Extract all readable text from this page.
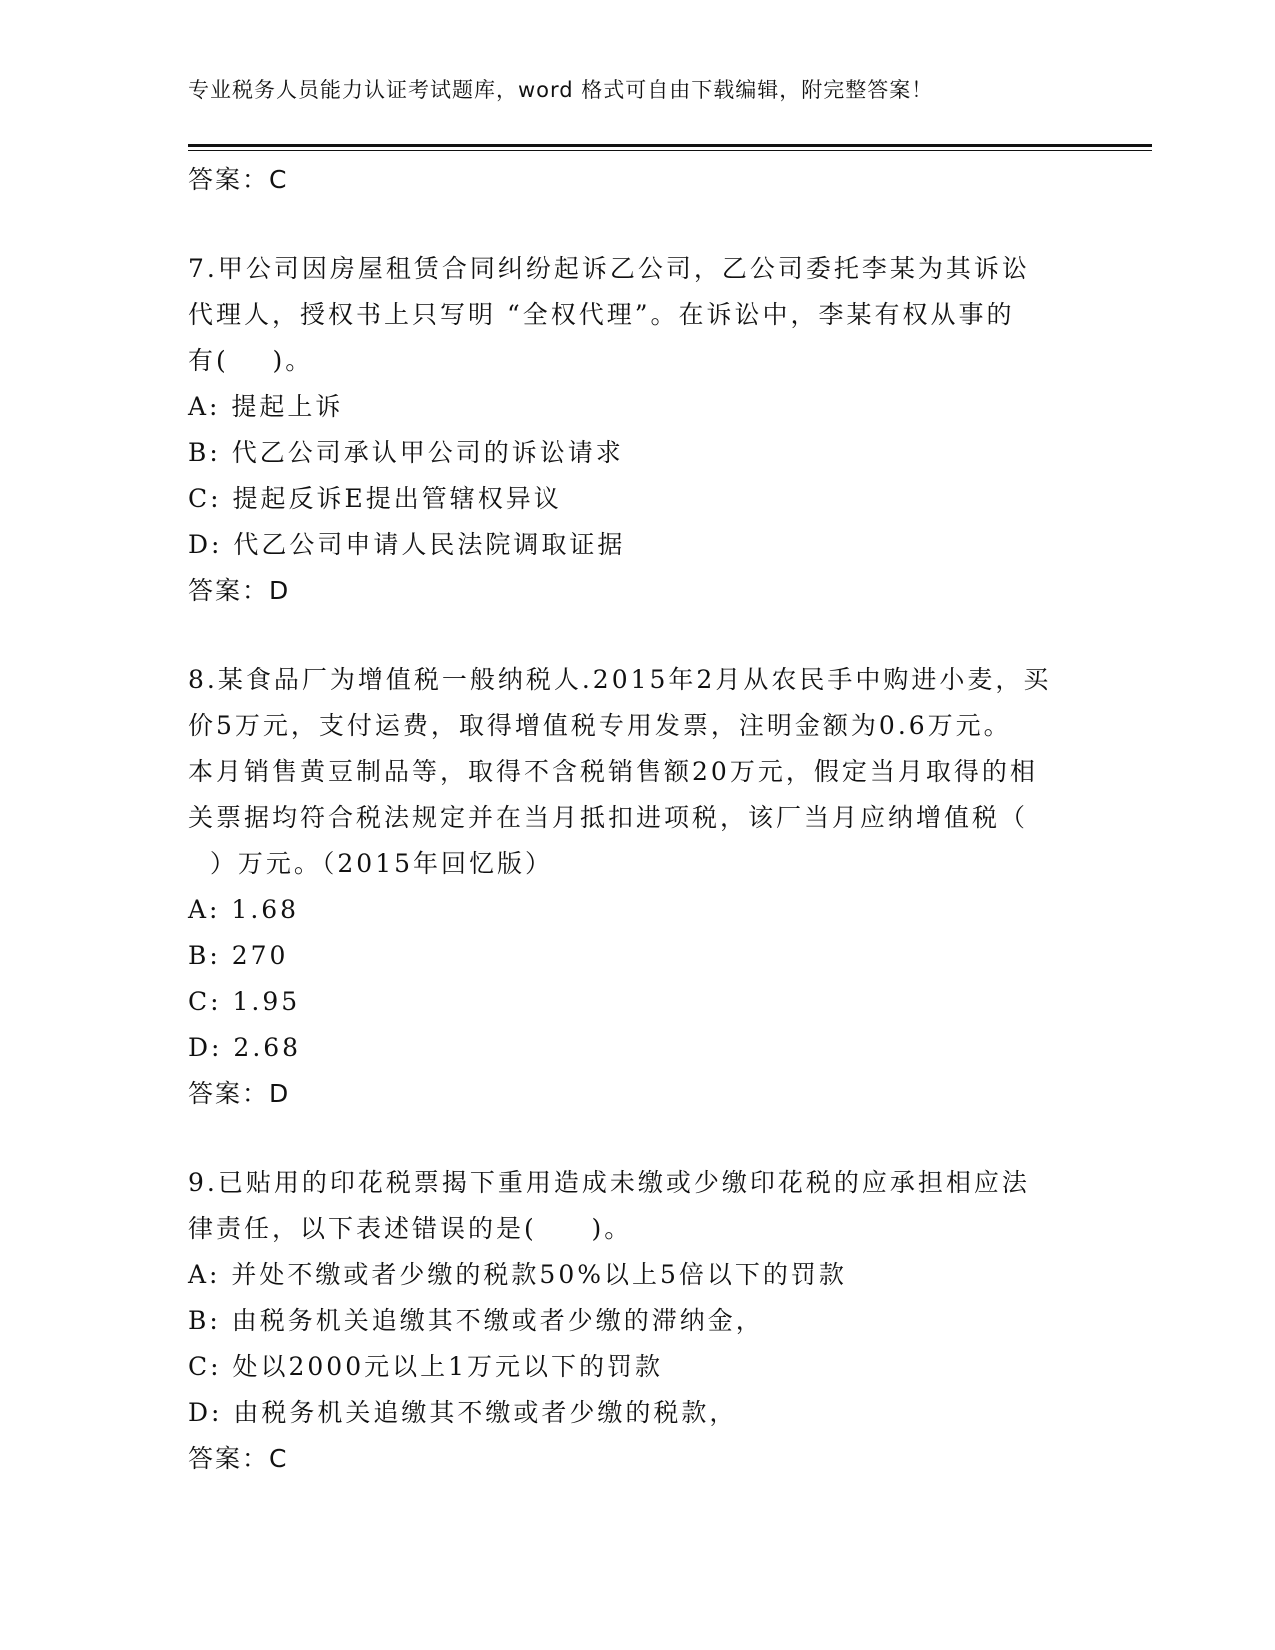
专业税务人员能力认证考试题库，word 格式可自由下载编辑，附完整答案！
答案：C
7.甲公司因房屋租赁合同纠纷起诉乙公司，乙公司委托李某为其诉讼
代理人，授权书上只写明 “全权代理”。在诉讼中，李某有权从事的
有(    )。
A: 提起上诉
B: 代乙公司承认甲公司的诉讼请求
C: 提起反诉E提出管辖权异议
D: 代乙公司申请人民法院调取证据
答案：D
8.某食品厂为增值税一般纳税人.2015年2月从农民手中购进小麦，买
价5万元，支付运费，取得增值税专用发票，注明金额为0.6万元。
本月销售黄豆制品等，取得不含税销售额20万元，假定当月取得的相
关票据均符合税法规定并在当月抵扣进项税，该厂当月应纳增值税（
）万元。（2015年回忆版）
A: 1.68
B: 270
C: 1.95
D: 2.68
答案：D
9.已贴用的印花税票揭下重用造成未缴或少缴印花税的应承担相应法
律责任，以下表述错误的是(     )。
A: 并处不缴或者少缴的税款50%以上5倍以下的罚款
B: 由税务机关追缴其不缴或者少缴的滞纳金，
C: 处以2000元以上1万元以下的罚款
D: 由税务机关追缴其不缴或者少缴的税款，
答案：C
